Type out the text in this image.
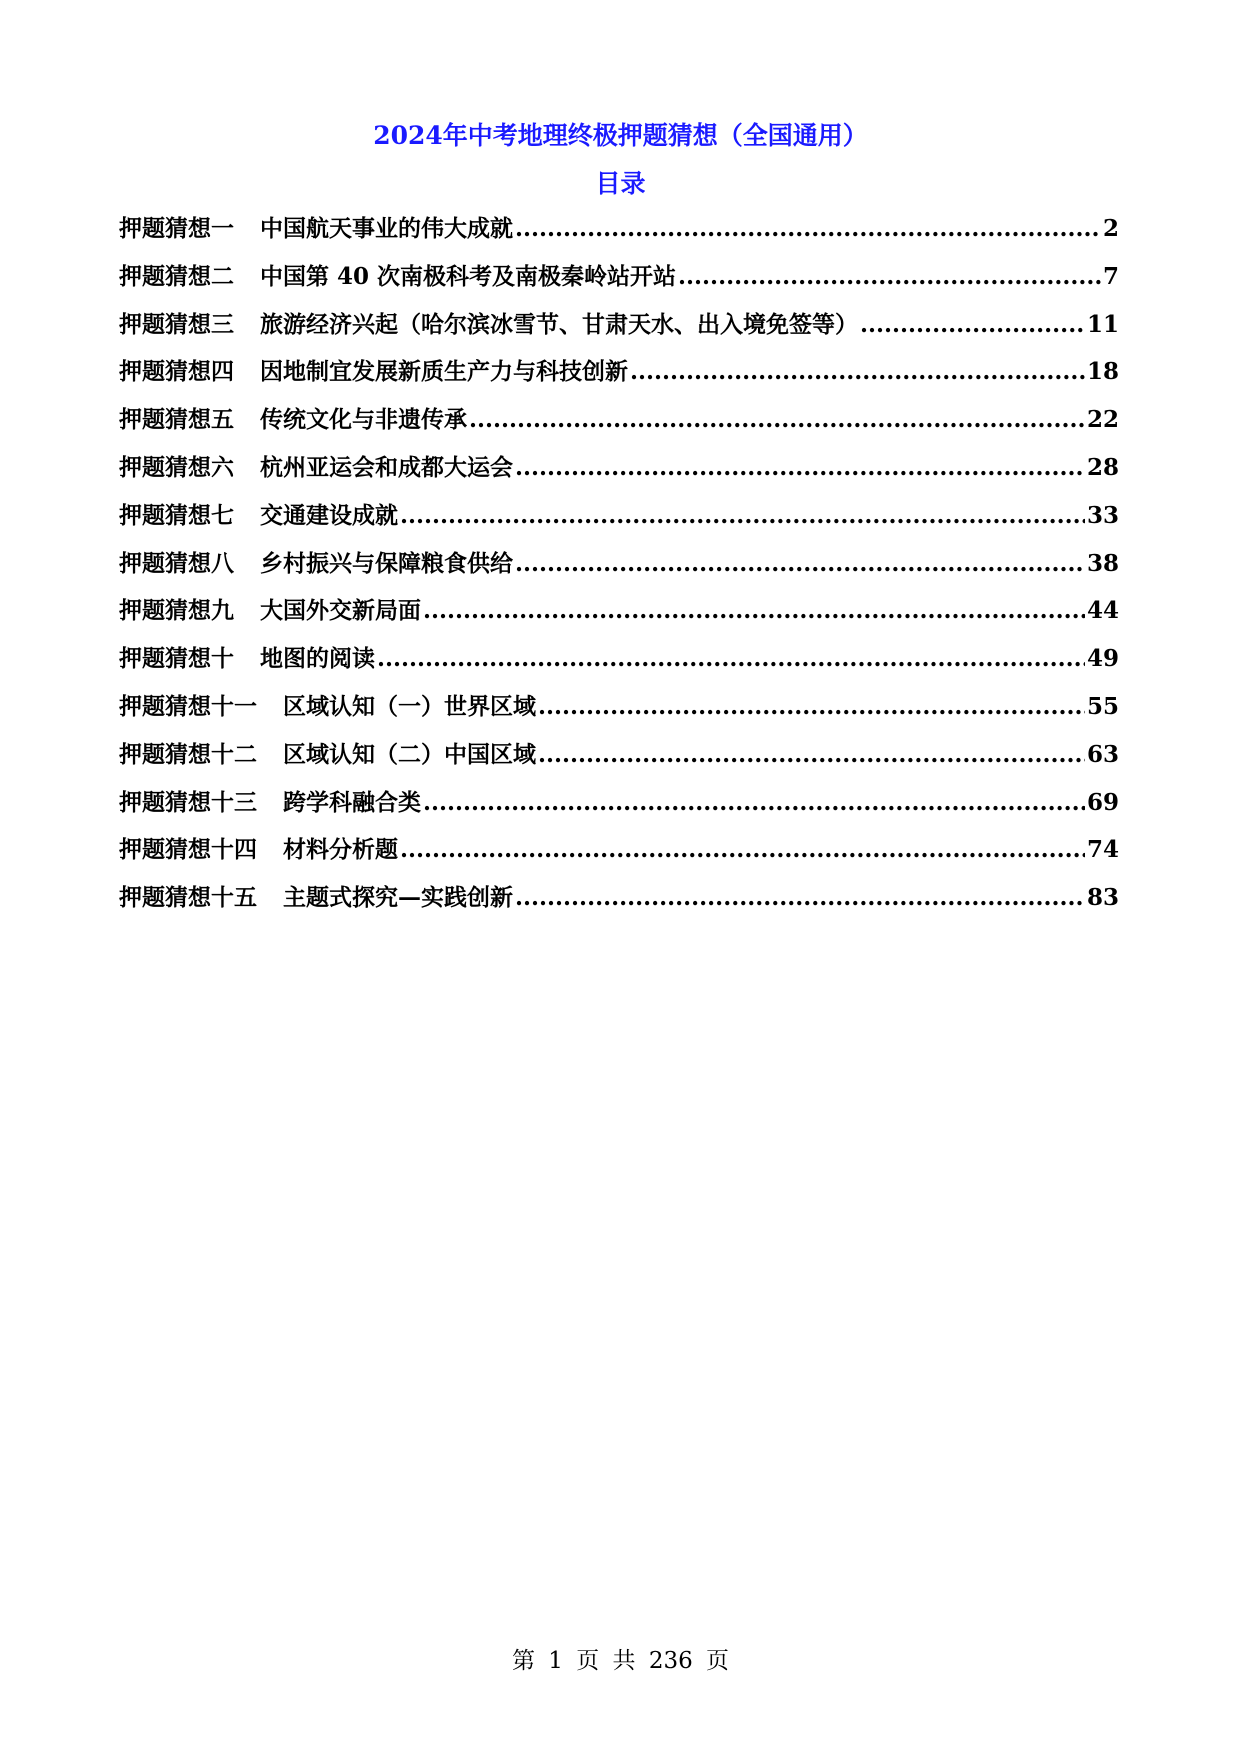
2024年中考地理终极押题猜想（全国通用）
目录
押题猜想一 中国航天事业的伟大成就 .....	2
押题猜想二 中国第 40 次南极科考及南极秦岭站开站 .....	7
押题猜想三 旅游经济兴起（哈尔滨冰雪节、甘肃天水、出入境免签等） .....	11
押题猜想四 因地制宜发展新质生产力与科技创新 .....	18
押题猜想五 传统文化与非遗传承 .....	22
押题猜想六 杭州亚运会和成都大运会 .....	28
押题猜想七 交通建设成就 .....	33
押题猜想八 乡村振兴与保障粮食供给 .....	38
押题猜想九 大国外交新局面 .....	44
押题猜想十 地图的阅读 .....	49
押题猜想十一 区域认知（一）世界区域 .....	55
押题猜想十二 区域认知（二）中国区域 .....	63
押题猜想十三 跨学科融合类 .....	69
押题猜想十四 材料分析题 .....	74
押题猜想十五 主题式探究—实践创新 .....	83
第 1 页 共 236 页
